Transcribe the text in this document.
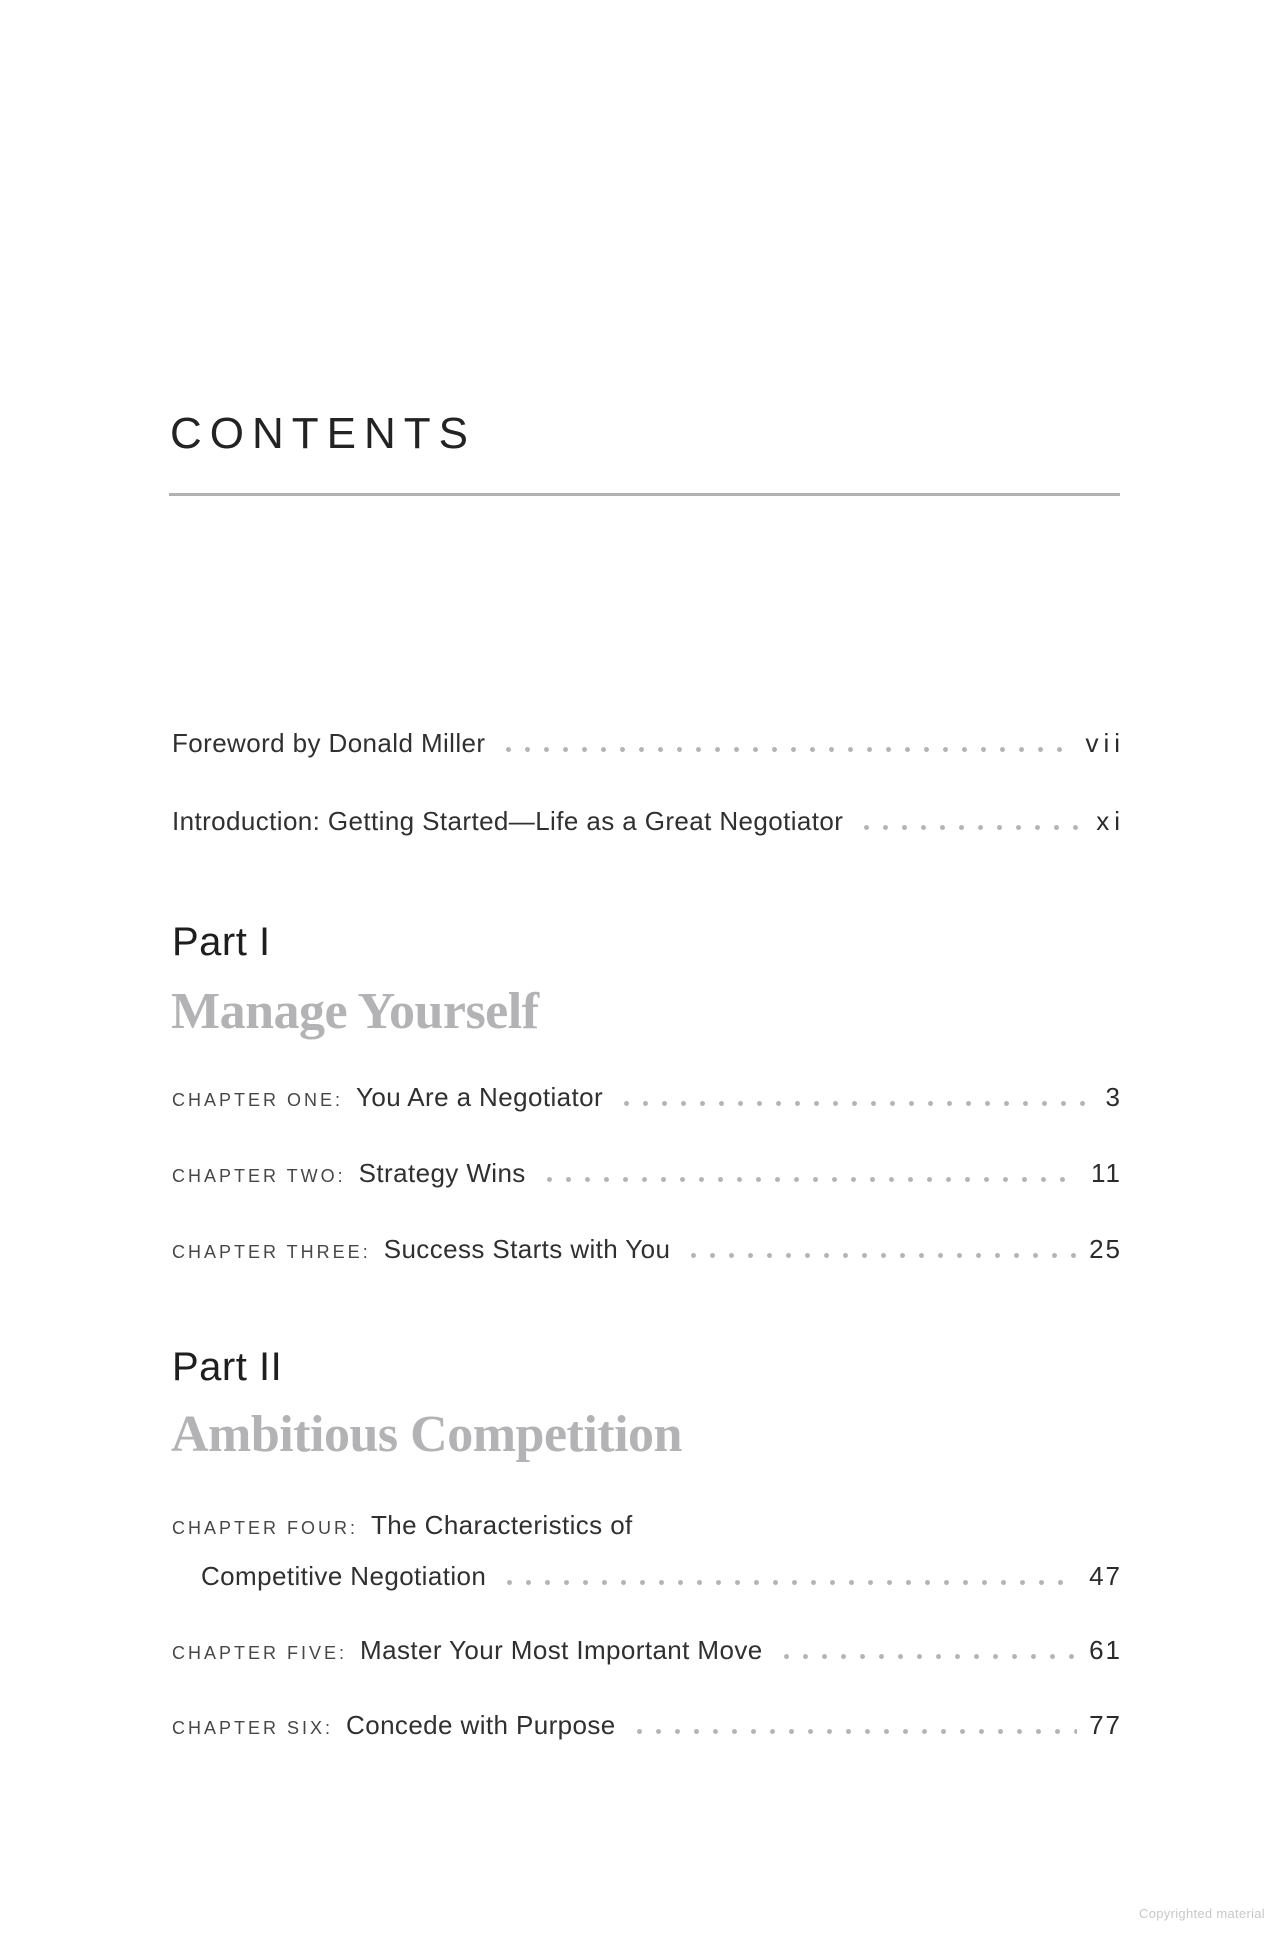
CONTENTS
Foreword by Donald Miller	vii
Introduction: Getting Started—Life as a Great Negotiator	xi
Part I
Manage Yourself
CHAPTER ONE: You Are a Negotiator	3
CHAPTER TWO: Strategy Wins	11
CHAPTER THREE: Success Starts with You	25
Part II
Ambitious Competition
CHAPTER FOUR: The Characteristics of
Competitive Negotiation	47
CHAPTER FIVE: Master Your Most Important Move	61
CHAPTER SIX: Concede with Purpose	77
Copyrighted material
